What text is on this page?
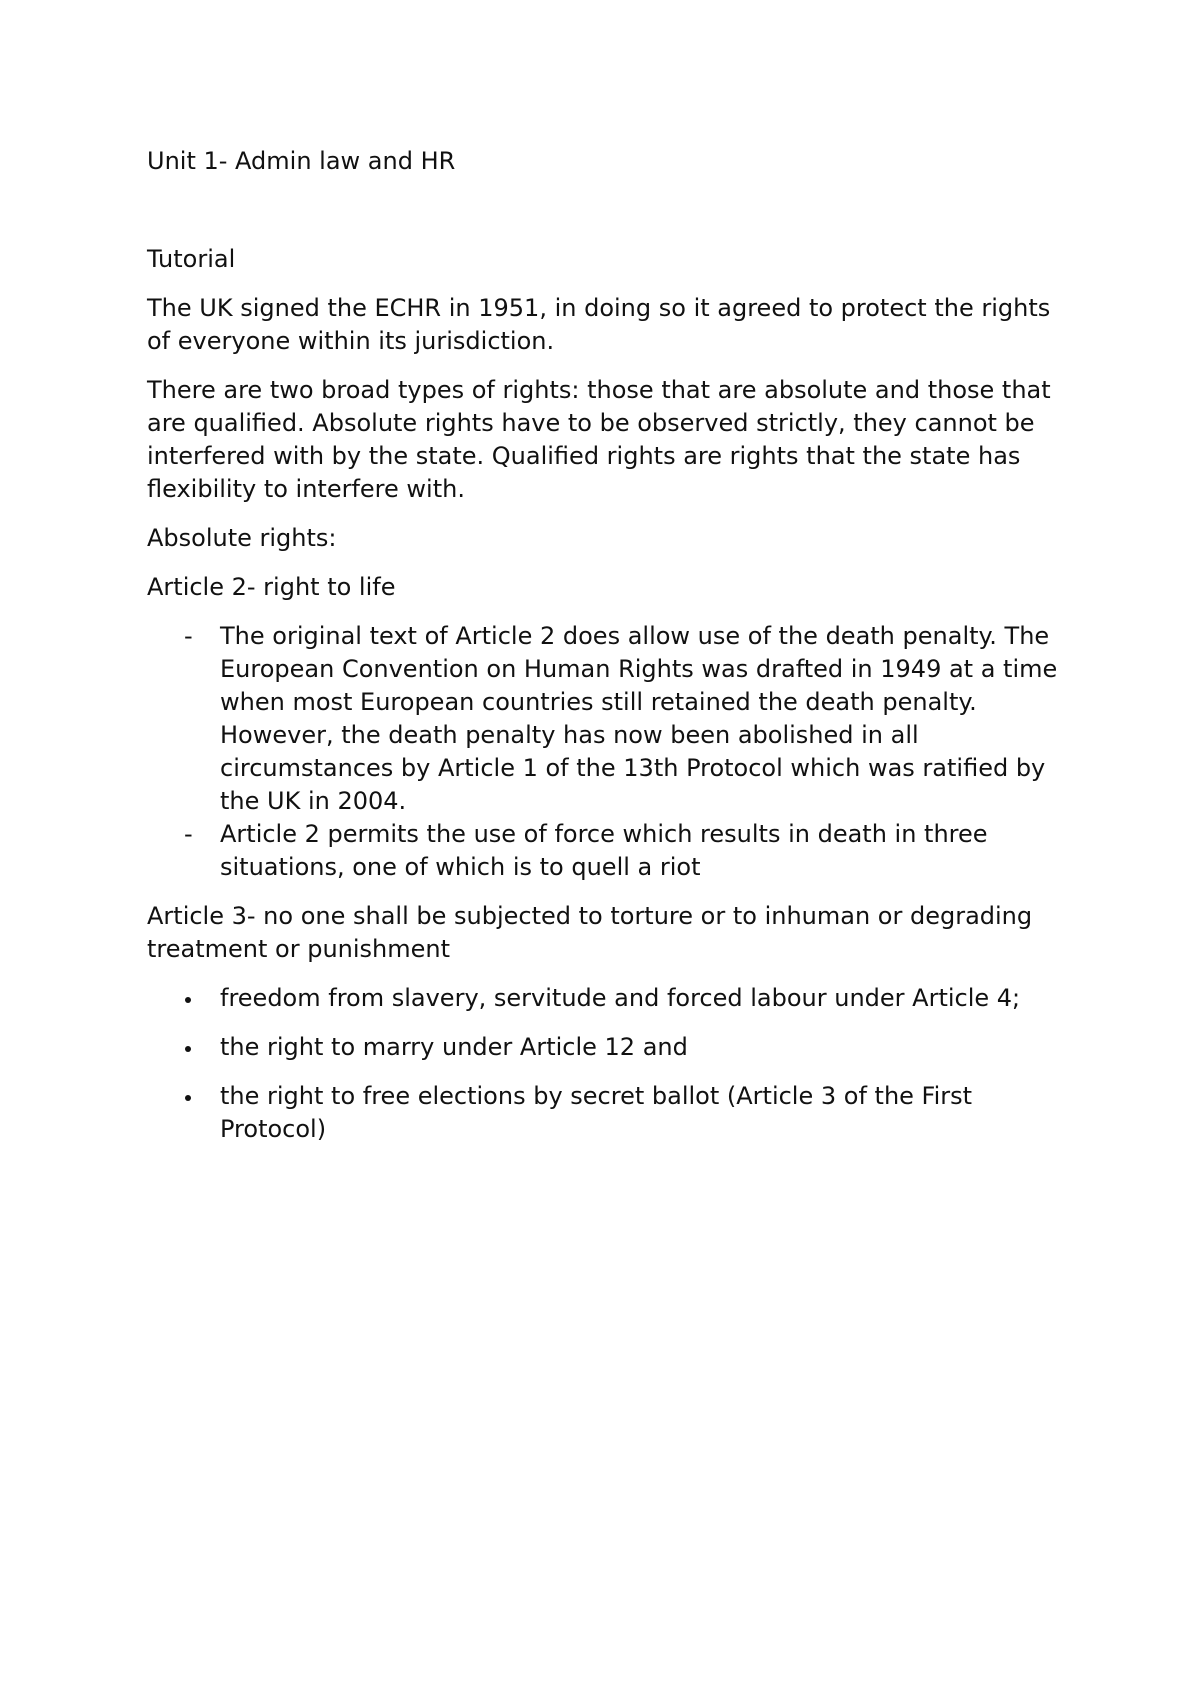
Unit 1- Admin law and HR

Tutorial

The UK signed the ECHR in 1951, in doing so it agreed to protect the rights of everyone within its jurisdiction.

There are two broad types of rights: those that are absolute and those that are qualified. Absolute rights have to be observed strictly, they cannot be interfered with by the state. Qualified rights are rights that the state has flexibility to interfere with.

Absolute rights:

Article 2- right to life

- The original text of Article 2 does allow use of the death penalty. The European Convention on Human Rights was drafted in 1949 at a time when most European countries still retained the death penalty. However, the death penalty has now been abolished in all circumstances by Article 1 of the 13th Protocol which was ratified by the UK in 2004.
- Article 2 permits the use of force which results in death in three situations, one of which is to quell a riot

Article 3- no one shall be subjected to torture or to inhuman or degrading treatment or punishment

freedom from slavery, servitude and forced labour under Article 4;
the right to marry under Article 12 and
the right to free elections by secret ballot (Article 3 of the First Protocol)
